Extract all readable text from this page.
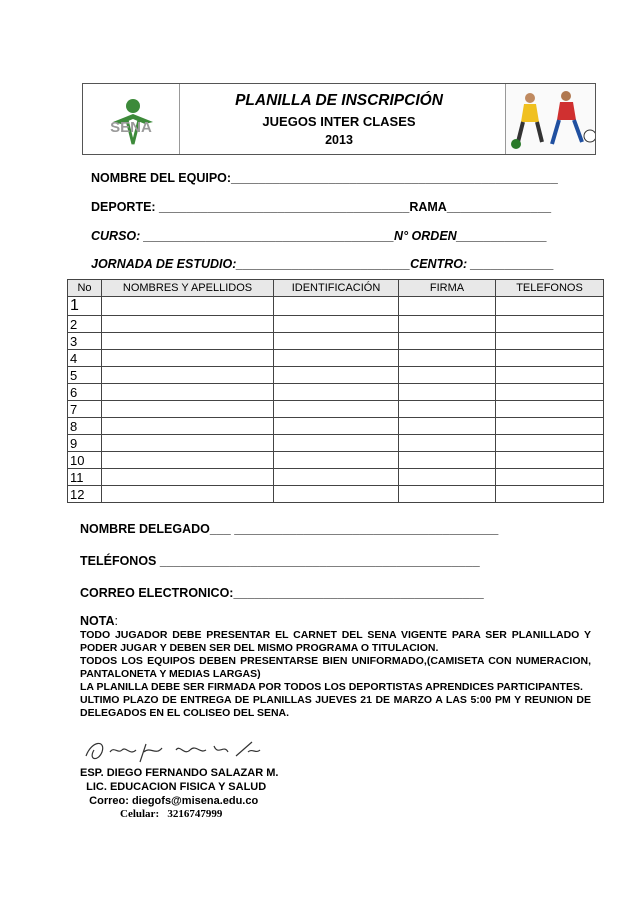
SENA
PLANILLA DE INSCRIPCIÓN
JUEGOS INTER CLASES
2013
NOMBRE DEL EQUIPO:_______________________________________________
DEPORTE: ____________________________________RAMA_______________
CURSO: ____________________________________N° ORDEN_____________
JORNADA DE ESTUDIO:_________________________CENTRO: ____________
No	NOMBRES Y APELLIDOS	IDENTIFICACIÓN	FIRMA	TELEFONOS
1				
2				
3				
4				
5				
6				
7				
8				
9				
10				
11				
12				
NOMBRE DELEGADO___ ______________________________________
TELÉFONOS ______________________________________________
CORREO ELECTRONICO:____________________________________

NOTA:

TODO JUGADOR DEBE PRESENTAR EL CARNET DEL SENA VIGENTE PARA SER PLANILLADO Y PODER JUGAR Y DEBEN SER DEL MISMO PROGRAMA O TITULACION.

TODOS LOS EQUIPOS DEBEN PRESENTARSE BIEN UNIFORMADO,(CAMISETA CON NUMERACION, PANTALONETA Y MEDIAS LARGAS)

LA PLANILLA DEBE SER FIRMADA POR TODOS LOS DEPORTISTAS APRENDICES PARTICIPANTES.

ULTIMO PLAZO DE ENTREGA DE PLANILLAS JUEVES 21 DE MARZO A LAS 5:00 PM Y REUNION DE DELEGADOS EN EL COLISEO DEL SENA.

ESP. DIEGO FERNANDO SALAZAR M.
LIC. EDUCACION FISICA Y SALUD
Correo: diegofs@misena.edu.co
Celular: 3216747999
